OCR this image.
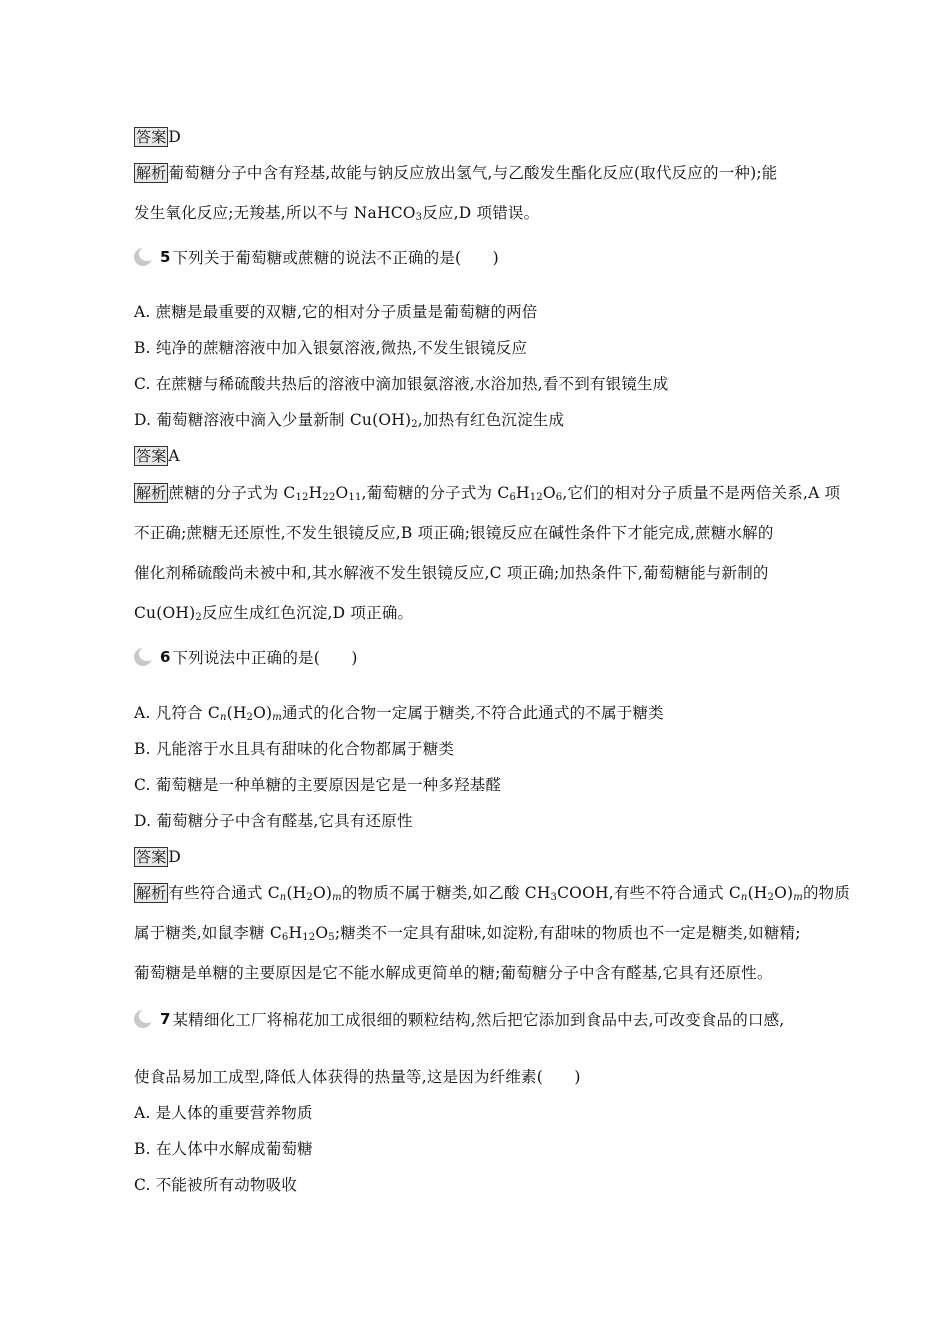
答案 D
解析 葡萄糖分子中含有羟基,故能与钠反应放出氢气,与乙酸发生酯化反应(取代反应的一种);能
发生氧化反应;无羧基,所以不与 NaHCO$_3$反应,D 项错误。
5 下列关于葡萄糖或蔗糖的说法不正确的是(　　)
A. 蔗糖是最重要的双糖,它的相对分子质量是葡萄糖的两倍
B. 纯净的蔗糖溶液中加入银氨溶液,微热,不发生银镜反应
C. 在蔗糖与稀硫酸共热后的溶液中滴加银氨溶液,水浴加热,看不到有银镜生成
D. 葡萄糖溶液中滴入少量新制 $Cu(OH)_2$,加热有红色沉淀生成
答案 A
解析 蔗糖的分子式为 $C_{12}H_{22}O_{11}$,葡萄糖的分子式为 $C_6H_{12}O_6$,它们的相对分子质量不是两倍关系,A 项
不正确;蔗糖无还原性,不发生银镜反应,B 项正确;银镜反应在碱性条件下才能完成,蔗糖水解的
催化剂稀硫酸尚未被中和,其水解液不发生银镜反应,C 项正确;加热条件下,葡萄糖能与新制的
$Cu(OH)_2$反应生成红色沉淀,D 项正确。
6 下列说法中正确的是(　　)
A. 凡符合 $C_n(H_2O)_m$通式的化合物一定属于糖类,不符合此通式的不属于糖类
B. 凡能溶于水且具有甜味的化合物都属于糖类
C. 葡萄糖是一种单糖的主要原因是它是一种多羟基醛
D. 葡萄糖分子中含有醛基,它具有还原性
答案 D
解析 有些符合通式 $C_n(H_2O)_m$的物质不属于糖类,如乙酸 $CH_3COOH$,有些不符合通式 $C_n(H_2O)_m$的物质
属于糖类,如鼠李糖 $C_6H_{12}O_5$;糖类不一定具有甜味,如淀粉,有甜味的物质也不一定是糖类,如糖精;
葡萄糖是单糖的主要原因是它不能水解成更简单的糖;葡萄糖分子中含有醛基,它具有还原性。
7 某精细化工厂将棉花加工成很细的颗粒结构,然后把它添加到食品中去,可改变食品的口感,
使食品易加工成型,降低人体获得的热量等,这是因为纤维素(　　)
A. 是人体的重要营养物质
B. 在人体中水解成葡萄糖
C. 不能被所有动物吸收
